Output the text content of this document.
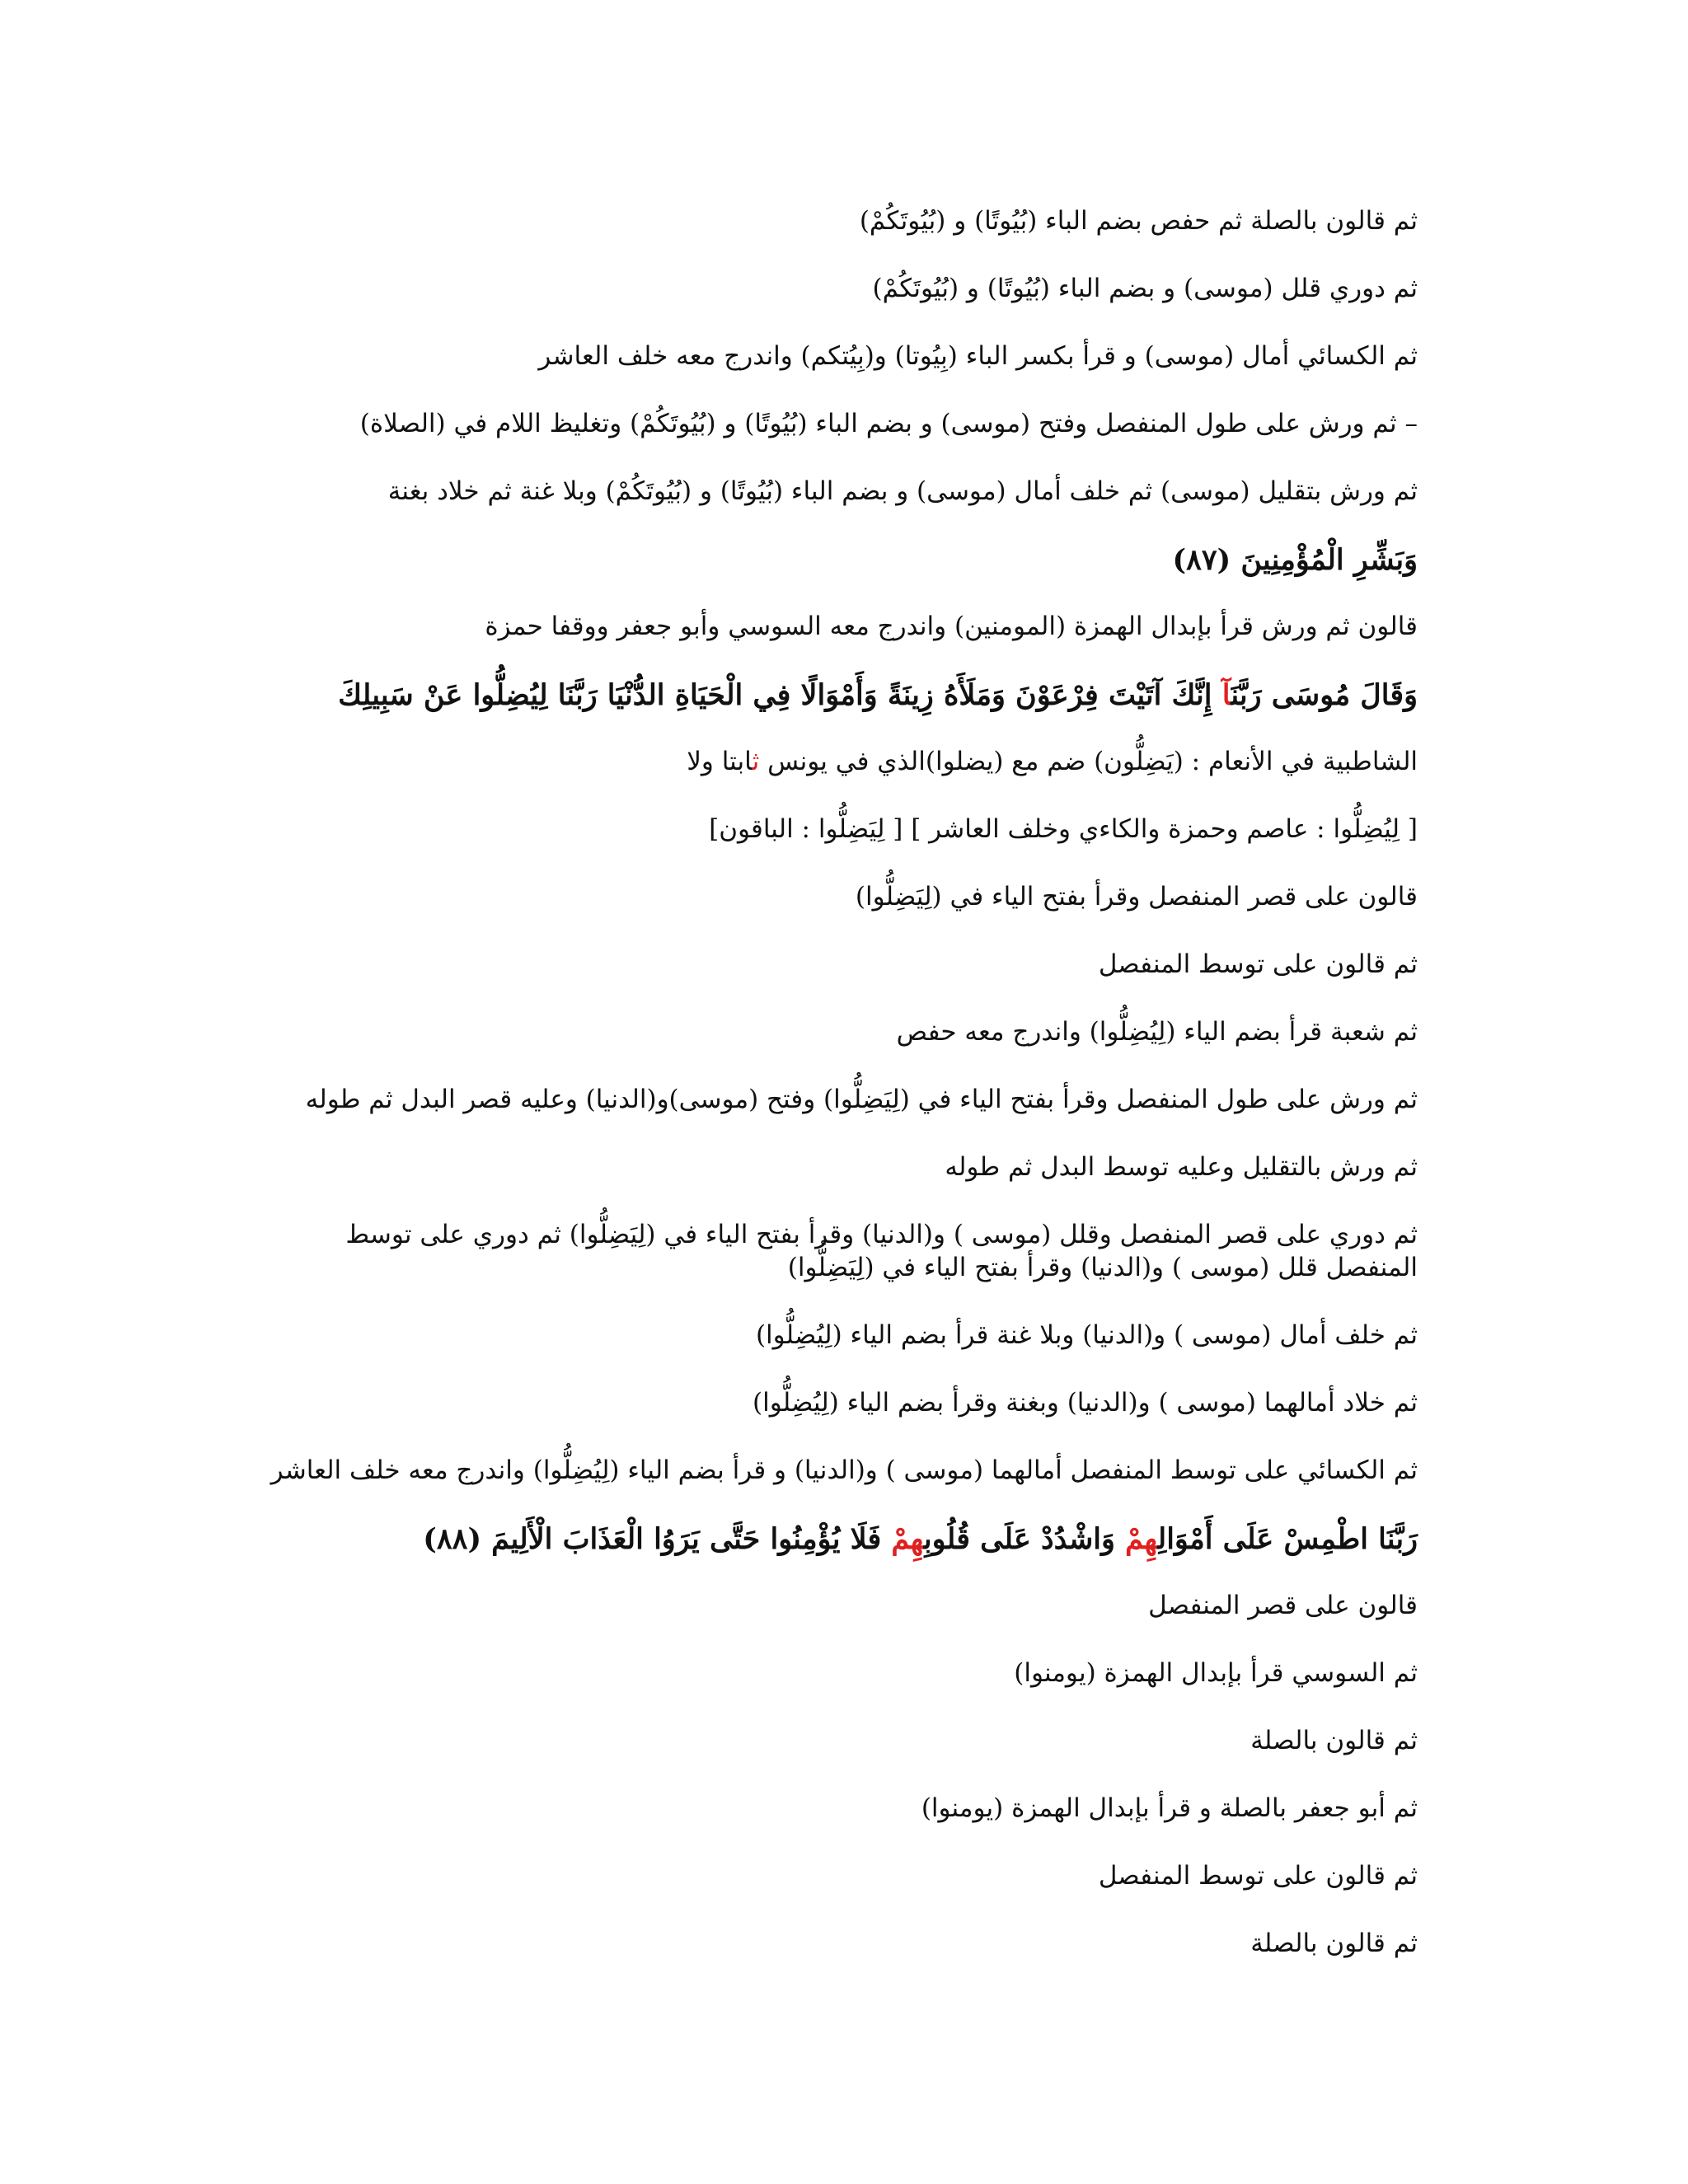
ثم قالون بالصلة ثم حفص بضم الباء (بُيُوتًا) و (بُيُوتَكُمْ)

ثم دوري قلل (موسى) و بضم الباء (بُيُوتًا) و (بُيُوتَكُمْ)

ثم الكسائي أمال (موسى) و قرأ بكسر الباء (بِيُوتا) و(بِيُتكم) واندرج معه خلف العاشر

– ثم ورش على طول المنفصل وفتح (موسى) و بضم الباء (بُيُوتًا) و (بُيُوتَكُمْ) وتغليظ اللام في (الصلاة)

ثم ورش بتقليل (موسى) ثم خلف أمال (موسى) و بضم الباء (بُيُوتًا) و (بُيُوتَكُمْ) وبلا غنة ثم خلاد بغنة

وَبَشِّرِ الْمُؤْمِنِينَ (٨٧)

قالون ثم ورش قرأ بإبدال الهمزة (المومنين) واندرج معه السوسي وأبو جعفر ووقفا حمزة

وَقَالَ مُوسَى رَبَّنَآ إِنَّكَ آتَيْتَ فِرْعَوْنَ وَمَلَأَهُ زِينَةً وَأَمْوَالًا فِي الْحَيَاةِ الدُّنْيَا رَبَّنَا لِيُضِلُّوا عَنْ سَبِيلِكَ

الشاطبية في الأنعام : (يَضِلُّون) ضم مع (يضلوا)الذي في يونس ثابتا ولا

[ لِيُضِلُّوا : عاصم وحمزة والكاءي وخلف العاشر ] [ لِيَضِلُّوا : الباقون]

قالون على قصر المنفصل وقرأ بفتح الياء في (لِيَضِلُّوا)

ثم قالون على توسط المنفصل

ثم شعبة قرأ بضم الياء (لِيُضِلُّوا) واندرج معه حفص

ثم ورش على طول المنفصل وقرأ بفتح الياء في (لِيَضِلُّوا) وفتح (موسى)و(الدنيا) وعليه قصر البدل ثم طوله

ثم ورش بالتقليل وعليه توسط البدل ثم طوله

ثم دوري على قصر المنفصل وقلل (موسى ) و(الدنيا) وقرأ بفتح الياء في (لِيَضِلُّوا) ثم دوري على توسط المنفصل قلل (موسى ) و(الدنيا) وقرأ بفتح الياء في (لِيَضِلُّوا)

ثم خلف أمال (موسى ) و(الدنيا) وبلا غنة قرأ بضم الياء (لِيُضِلُّوا)

ثم خلاد أمالهما (موسى ) و(الدنيا) وبغنة وقرأ بضم الياء (لِيُضِلُّوا)

ثم الكسائي على توسط المنفصل أمالهما (موسى ) و(الدنيا) و قرأ بضم الياء (لِيُضِلُّوا) واندرج معه خلف العاشر

رَبَّنَا اطْمِسْ عَلَى أَمْوَالِهِمْ وَاشْدُدْ عَلَى قُلُوبِهِمْ فَلَا يُؤْمِنُوا حَتَّى يَرَوُا الْعَذَابَ الْأَلِيمَ (٨٨)

قالون على قصر المنفصل

ثم السوسي قرأ بإبدال الهمزة (يومنوا)

ثم قالون بالصلة

ثم أبو جعفر بالصلة و قرأ بإبدال الهمزة (يومنوا)

ثم قالون على توسط المنفصل

ثم قالون بالصلة
